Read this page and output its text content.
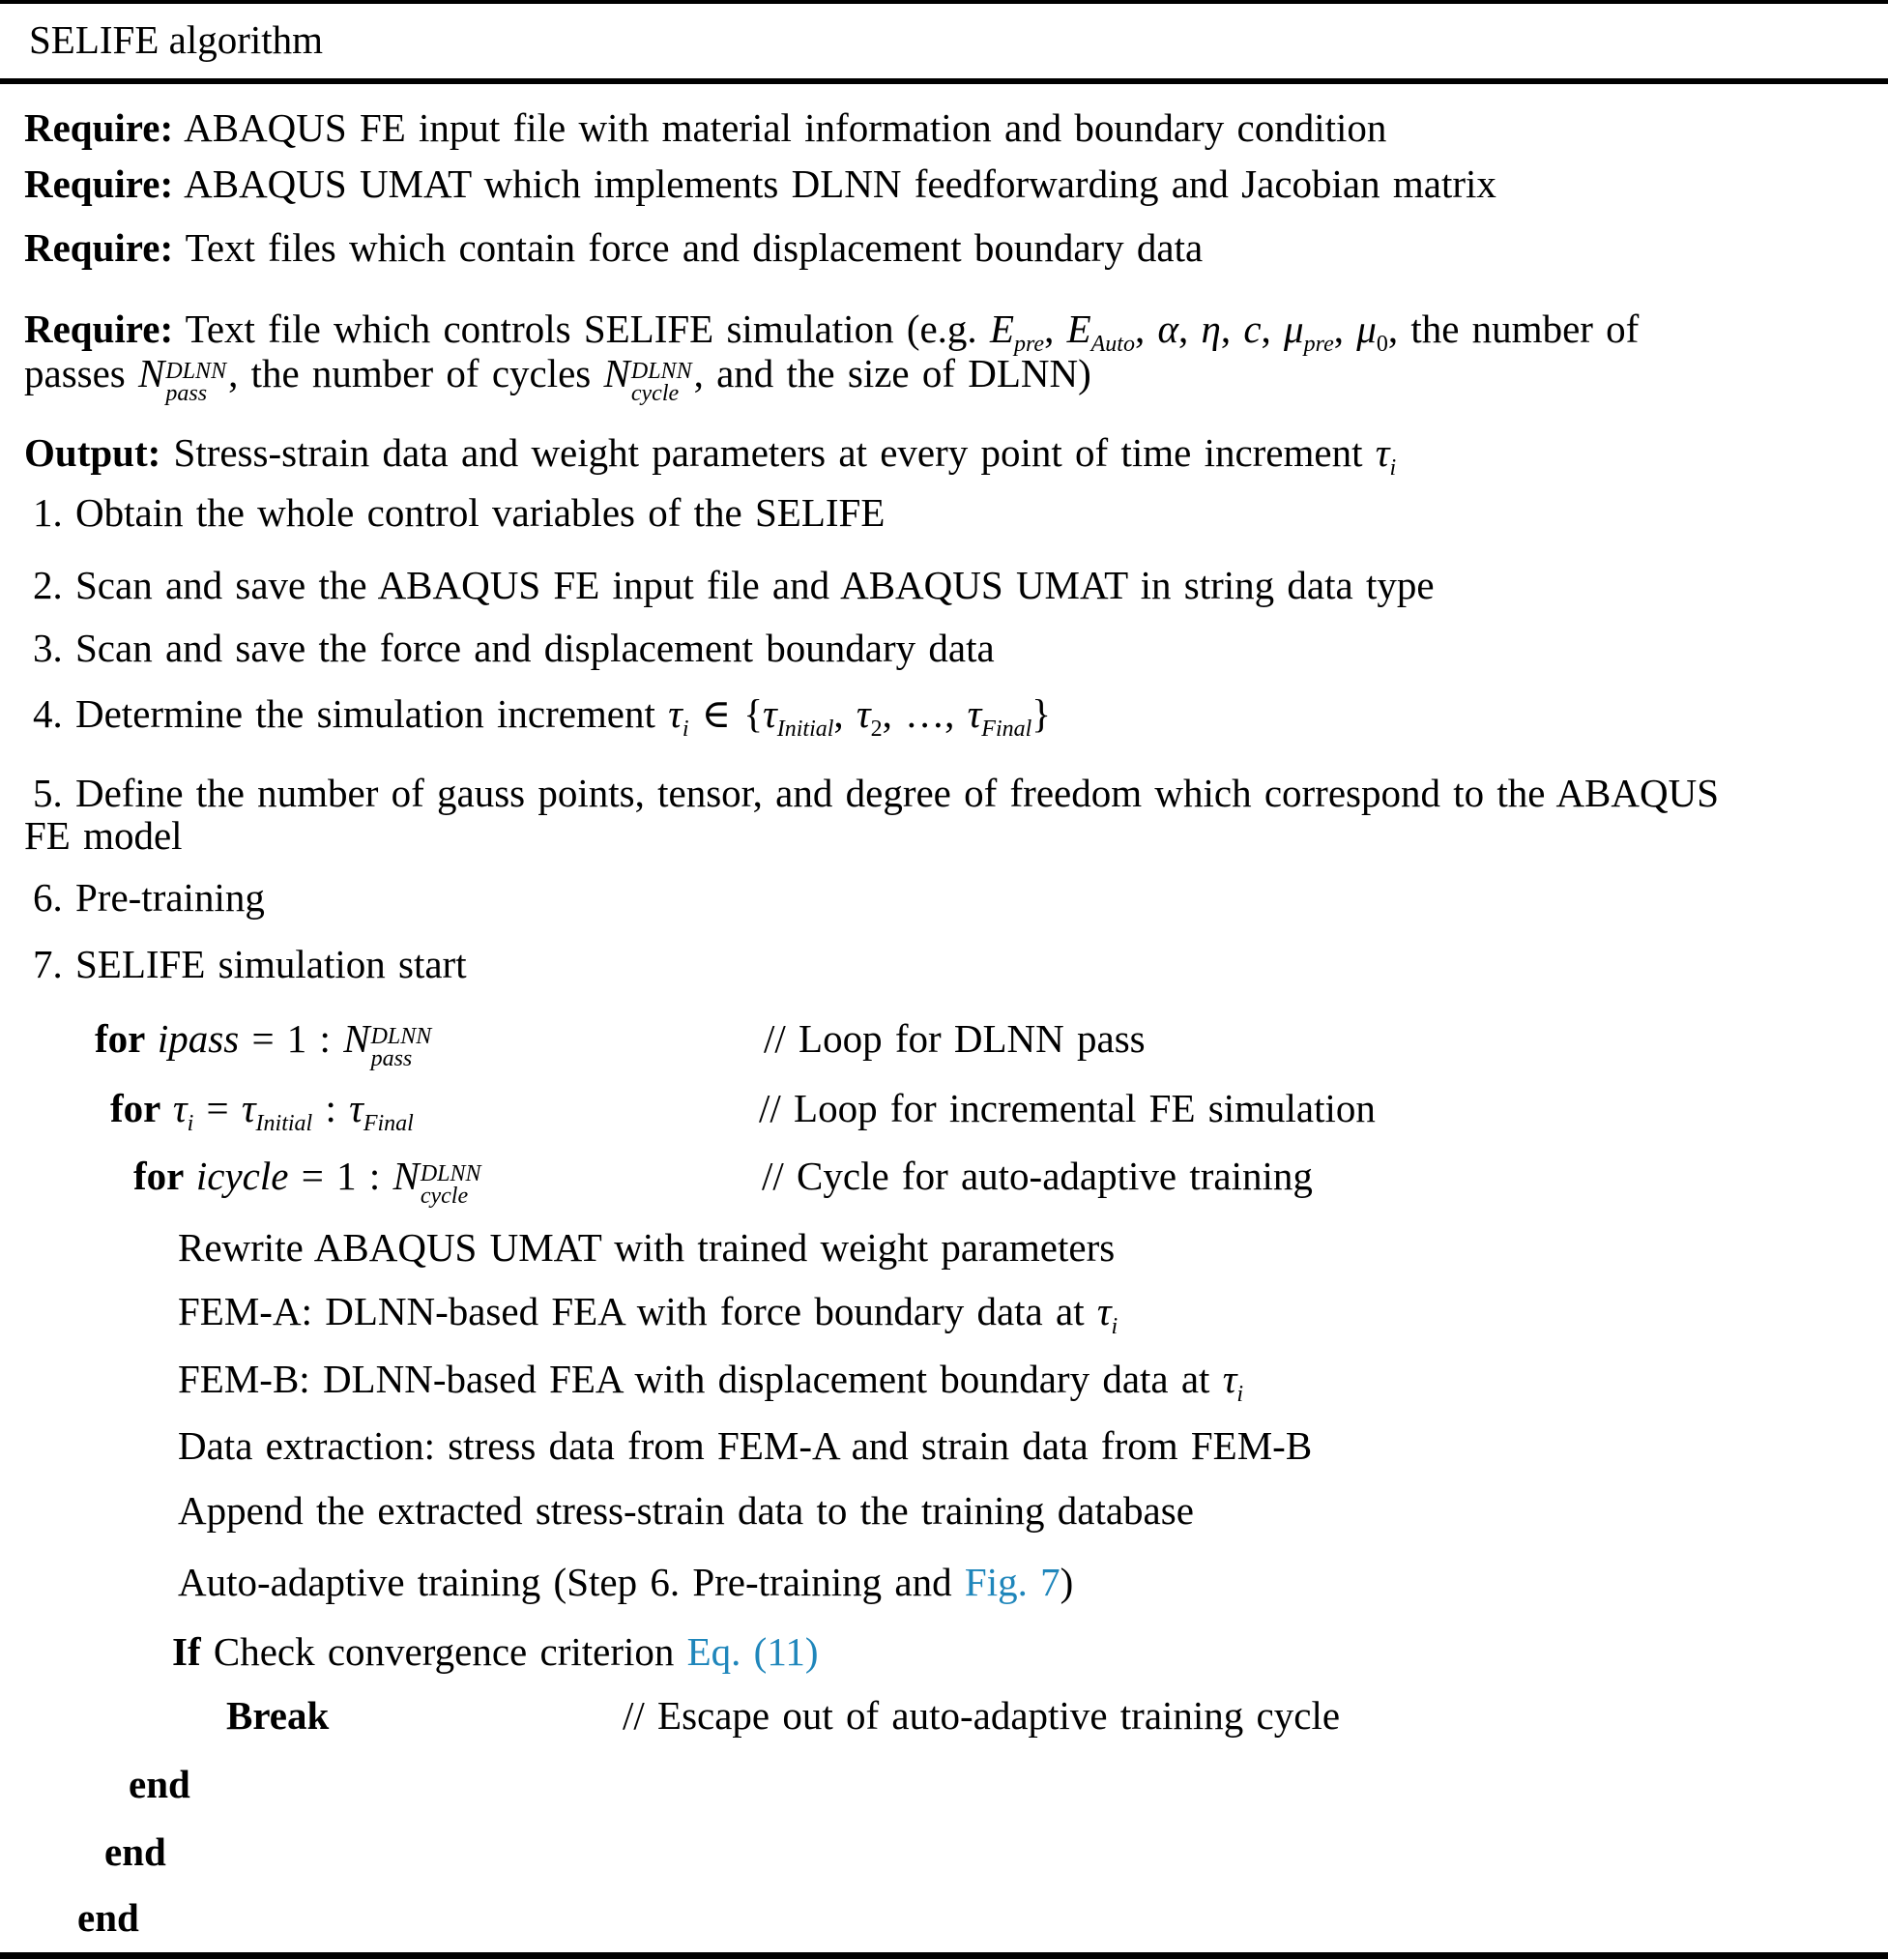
SELIFE algorithm
Require: ABAQUS FE input file with material information and boundary condition
Require: ABAQUS UMAT which implements DLNN feedforwarding and Jacobian matrix
Require: Text files which contain force and displacement boundary data
Require: Text file which controls SELIFE simulation (e.g. $E_{pre}$, $E_{Auto}$, α, η, c, $\mu_{pre}$, $\mu_0$, the number of
passes N DLNN
pass , the number of cycles N DLNN
cycle , and the size of DLNN)
Output: Stress-strain data and weight parameters at every point of time increment $\tau_i$
1. Obtain the whole control variables of the SELIFE
2. Scan and save the ABAQUS FE input file and ABAQUS UMAT in string data type
3. Scan and save the force and displacement boundary data
4. Determine the simulation increment $\tau_i$ ∈ {$\tau_{Initial}$, $\tau_2$, …, $\tau_{Final}$}
5. Define the number of gauss points, tensor, and degree of freedom which correspond to the ABAQUS
FE model
6. Pre-training
7. SELIFE simulation start
for ipass = 1 : N DLNN
pass	// Loop for DLNN pass
for $\tau_i = \tau_{Initial}$ : $\tau_{Final}$	// Loop for incremental FE simulation
for icycle = 1 : N DLNN
cycle	// Cycle for auto-adaptive training
Rewrite ABAQUS UMAT with trained weight parameters
FEM-A: DLNN-based FEA with force boundary data at $\tau_i$
FEM-B: DLNN-based FEA with displacement boundary data at $\tau_i$
Data extraction: stress data from FEM-A and strain data from FEM-B
Append the extracted stress-strain data to the training database
Auto-adaptive training (Step 6. Pre-training and Fig. 7)
If Check convergence criterion Eq. (11)
Break	// Escape out of auto-adaptive training cycle
end
end
end
